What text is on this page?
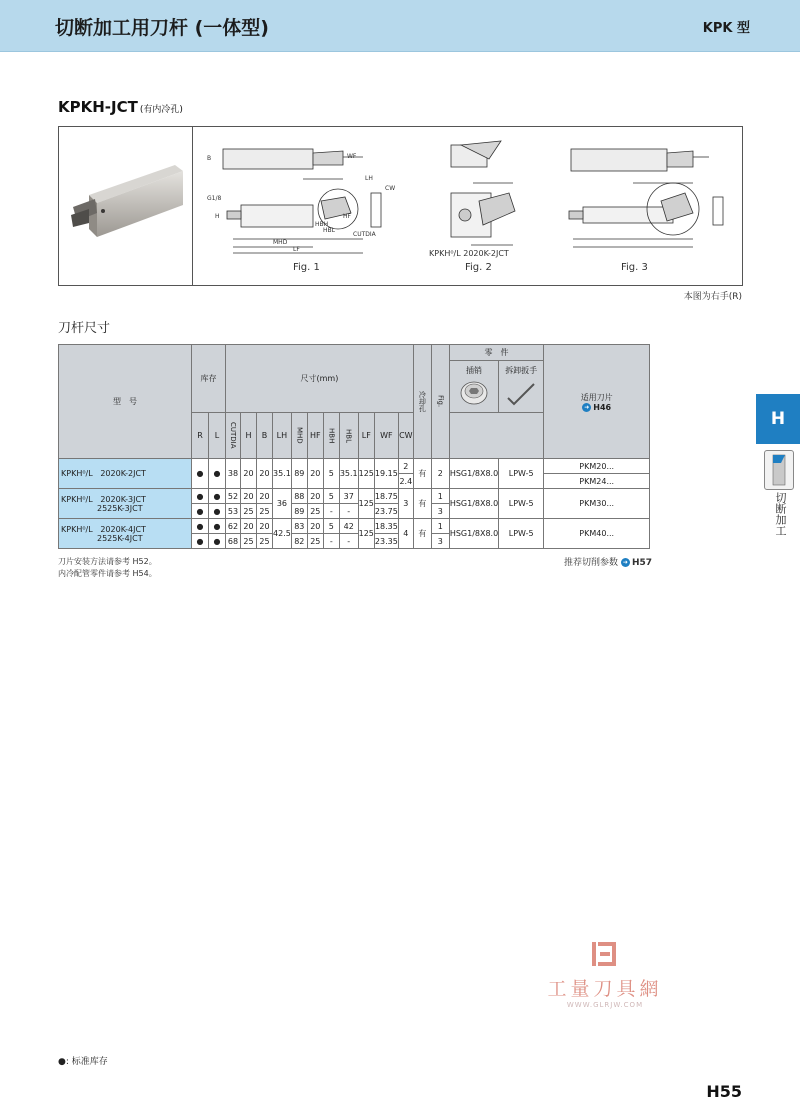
切断加工用刀杆 (一体型)	KPK 型
KPKH-JCT (有内冷孔)
LH
HBL
MHD
LF
CUTDIA
CW
WF
B
G1/8
HF
H
HBH
Fig. 1
KPKH⁰/L 2020K-2JCT
Fig. 2	Fig. 3
本图为右手(R)
刀杆尺寸
型　号	库存		尺寸(mm)											冷却孔	Fig.	零　件		适用刀片
➜ H46

																插销	拆卸扳手	

	R	L	CUTDIA	H	B	LH	MHD	HF	HBH	HBL	LF	WF	CW					
KPKH⁰/L 2020K-2JCT	●	●	38	20	20	35.1	89	20	5	35.1	125	19.15	2	有	2	HSG1/8X8.0	LPW-5	PKM20...
													2.4					PKM24...
KPKH⁰/L 2020K-3JCT
2525K-3JCT	●	●	52	20	20	36	88	20	5	37	125	18.75	3	有	1	HSG1/8X8.0	LPW-5	PKM30...
	●	●	53	25	25		89	25	-	-		23.75			3			
KPKH⁰/L 2020K-4JCT
2525K-4JCT	●	●	62	20	20	42.5	83	20	5	42	125	18.35	4	有	1	HSG1/8X8.0	LPW-5	PKM40...
	●	●	68	25	25		82	25	-	-		23.35			3			
刀片安装方法请参考 H52。
内冷配管零件请参考 H54。
推荐切削参数 ➜ H57
H
切断加工
工量刀具網
WWW.GLRJW.COM
●: 标准库存
H55
